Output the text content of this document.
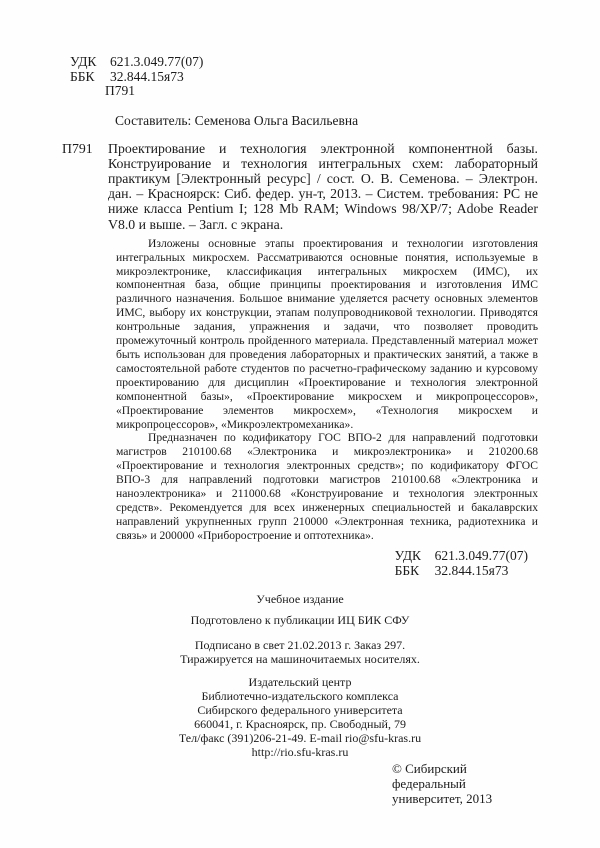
УДК 621.3.049.77(07)
ББК 32.844.15я73
П791
Составитель: Семенова Ольга Васильевна
П791 Проектирование и технология электронной компонентной базы. Конструирование и технология интегральных схем: лабораторный практикум [Электронный ресурс] / сост. О. В. Семенова. – Электрон. дан. – Красноярск: Сиб. федер. ун-т, 2013. – Систем. требования: PC не ниже класса Pentium I; 128 Mb RAM; Windows 98/XP/7; Adobe Reader V8.0 и выше. – Загл. с экрана.

Изложены основные этапы проектирования и технологии изготовления интегральных микросхем. Рассматриваются основные понятия, используемые в микроэлектронике, классификация интегральных микросхем (ИМС), их компонентная база, общие принципы проектирования и изготовления ИМС различного назначения. Большое внимание уделяется расчету основных элементов ИМС, выбору их конструкции, этапам полупроводниковой технологии. Приводятся контрольные задания, упражнения и задачи, что позволяет проводить промежуточный контроль пройденного материала. Представленный материал может быть использован для проведения лабораторных и практических занятий, а также в самостоятельной работе студентов по расчетно-графическому заданию и курсовому проектированию для дисциплин «Проектирование и технология электронной компонентной базы», «Проектирование микросхем и микропроцессоров», «Проектирование элементов микросхем», «Технология микросхем и микропроцессоров», «Микроэлектромеханика».

Предназначен по кодификатору ГОС ВПО-2 для направлений подготовки магистров 210100.68 «Электроника и микроэлектроника» и 210200.68 «Проектирование и технология электронных средств»; по кодификатору ФГОС ВПО-3 для направлений подготовки магистров 210100.68 «Электроника и наноэлектроника» и 211000.68 «Конструирование и технология электронных средств». Рекомендуется для всех инженерных специальностей и бакалаврских направлений укрупненных групп 210000 «Электронная техника, радиотехника и связь» и 200000 «Приборостроение и оптотехника».

УДК 621.3.049.77(07)
ББК 32.844.15я73
Учебное издание
Подготовлено к публикации ИЦ БИК СФУ
Подписано в свет 21.02.2013 г. Заказ 297.
Тиражируется на машиночитаемых носителях.
Издательский центр
Библиотечно-издательского комплекса
Сибирского федерального университета
660041, г. Красноярск, пр. Свободный, 79
Тел/факс (391)206-21-49. E-mail rio@sfu-kras.ru
http://rio.sfu-kras.ru
© Сибирский
федеральный
университет, 2013
